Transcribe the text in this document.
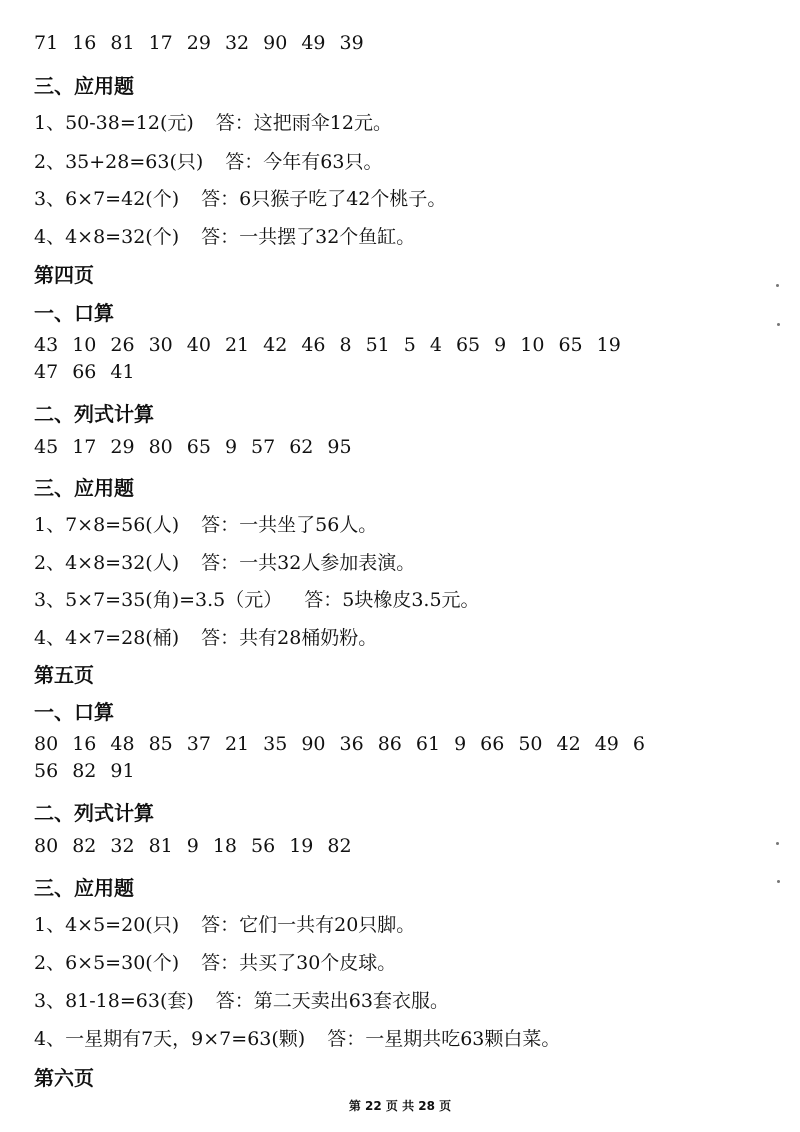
71 16 81 17 29 32 90 49 39
三、应用题
1、50-38=12(元) 答：这把雨伞12元。
2、35+28=63(只) 答：今年有63只。
3、6×7=42(个) 答：6只猴子吃了42个桃子。
4、4×8=32(个) 答：一共摆了32个鱼缸。
第四页
一、口算
43 10 26 30 40 21 42 46 8 51 5 4 65 9 10 65 19
47 66 41
二、列式计算
45 17 29 80 65 9 57 62 95
三、应用题
1、7×8=56(人) 答：一共坐了56人。
2、4×8=32(人) 答：一共32人参加表演。
3、5×7=35(角)=3.5（元） 答：5块橡皮3.5元。
4、4×7=28(桶) 答：共有28桶奶粉。
第五页
一、口算
80 16 48 85 37 21 35 90 36 86 61 9 66 50 42 49 6
56 82 91
二、列式计算
80 82 32 81 9 18 56 19 82
三、应用题
1、4×5=20(只) 答：它们一共有20只脚。
2、6×5=30(个) 答：共买了30个皮球。
3、81-18=63(套) 答：第二天卖出63套衣服。
4、一星期有7天，9×7=63(颗) 答：一星期共吃63颗白菜。
第六页
第 22 页 共 28 页
